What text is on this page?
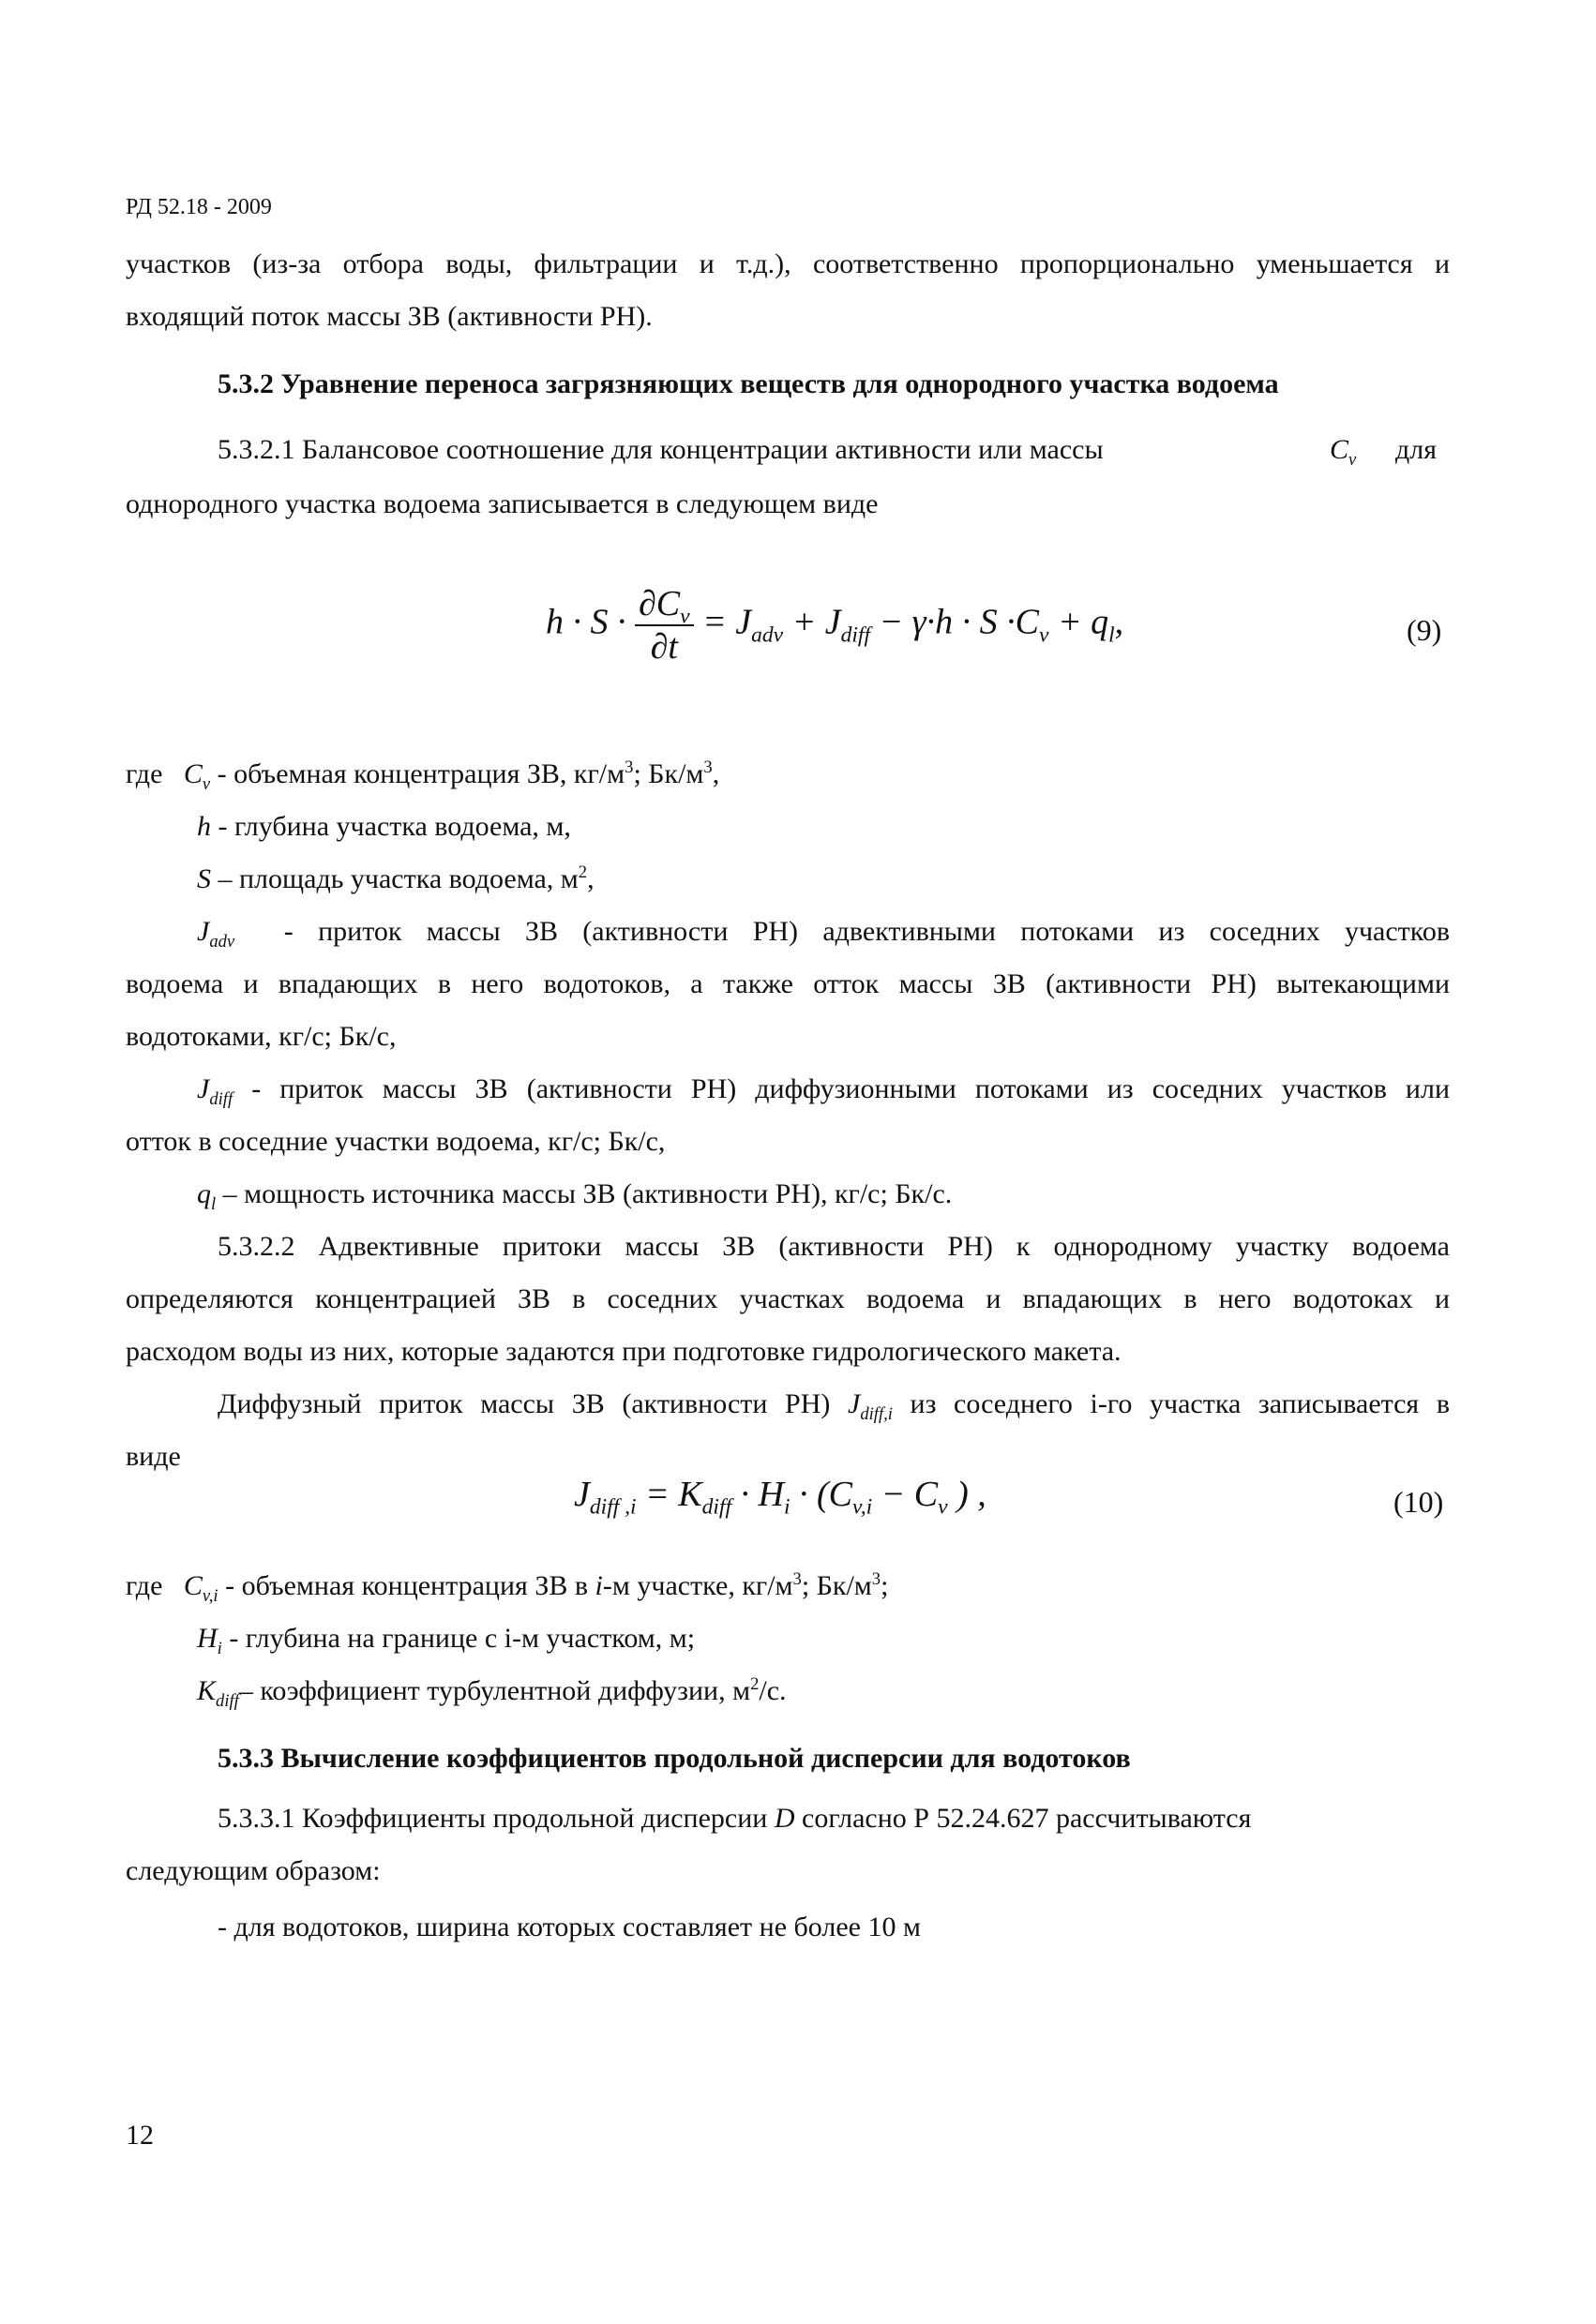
РД 52.18 - 2009
участков (из-за отбора воды, фильтрации и т.д.), соответственно пропорционально уменьшается и
входящий поток массы ЗВ (активности РН).
5.3.2 Уравнение переноса загрязняющих веществ для однородного участка водоема
5.3.2.1 Балансовое соотношение для концентрации активности или массы	$C_v$ для
однородного участка водоема записывается в следующем виде
$h \cdot S \cdot \frac{\partial C_v}{\partial t} = J_{adv} + J_{diff} - \gamma\cdot h \cdot S \cdot C_v + q_l$,	(9)
где $C_v$ - объемная концентрация ЗВ, $кг/м^3$; $Бк/м^3$,
h - глубина участка водоема, м,
S – площадь участка водоема, $м^2$,
$J_{adv}$ - приток массы ЗВ (активности РН) адвективными потоками из соседних участков
водоема и впадающих в него водотоков, а также отток массы ЗВ (активности РН) вытекающими
водотоками, кг/с; Бк/с,
$J_{diff}$ - приток массы ЗВ (активности РН) диффузионными потоками из соседних участков или
отток в соседние участки водоема, кг/с; Бк/с,
$q_l$ – мощность источника массы ЗВ (активности РН), кг/с; Бк/с.
5.3.2.2 Адвективные притоки массы ЗВ (активности РН) к однородному участку водоема
определяются концентрацией ЗВ в соседних участках водоема и впадающих в него водотоках и
расходом воды из них, которые задаются при подготовке гидрологического макета.
Диффузный приток массы ЗВ (активности РН) $J_{diff,i}$ из соседнего i-го участка записывается в
виде
$J_{diff ,i} = K_{diff} \cdot H_i \cdot (C_{v,i} - C_v$ ) ,	(10)
где $C_{v,i}$ - объемная концентрация ЗВ в i-м участке, $кг/м^3$; $Бк/м^3$;
$H_i$ - глубина на границе с i-м участком, м;
$K_{diff}-$ коэффициент турбулентной диффузии, $м^2/с$.
5.3.3 Вычисление коэффициентов продольной дисперсии для водотоков
5.3.3.1 Коэффициенты продольной дисперсии D согласно Р 52.24.627 рассчитываются
следующим образом:
- для водотоков, ширина которых составляет не более 10 м
12
